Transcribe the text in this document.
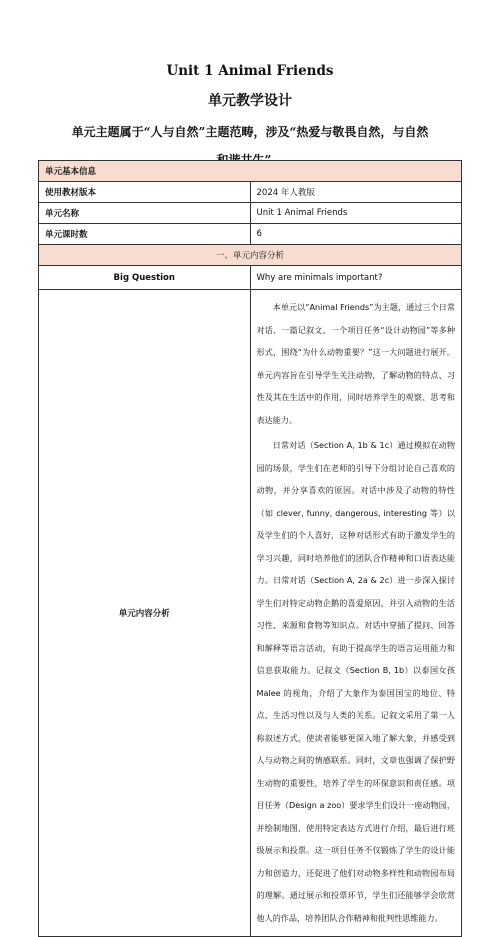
Unit 1 Animal Friends
单元教学设计
单元主题属于“人与自然”主题范畴，涉及“热爱与敬畏自然，与自然
和谐共生”。
单元基本信息	
使用教材版本	2024 年人教版
单元名称	Unit 1 Animal Friends
单元课时数	6
一、单元内容分析	
Big Question	Why are minimals important?
单元内容分析	本单元以“Animal Friends”为主题，通过三个日常对话、一篇记叙文、一个项目任务“设计动物园”等多种形式，围绕“为什么动物重要？”这一大问题进行展开。单元内容旨在引导学生关注动物，了解动物的特点、习性及其在生活中的作用，同时培养学生的观察、思考和表达能力。

日常对话（Section A, 1b & 1c）通过模拟在动物园的场景，学生们在老师的引导下分组讨论自己喜欢的动物，并分享喜欢的原因。对话中涉及了动物的特性（如 clever, funny, dangerous, interesting 等）以及学生们的个人喜好，这种对话形式有助于激发学生的学习兴趣，同时培养他们的团队合作精神和口语表达能力。日常对话（Section A, 2a & 2c）进一步深入探讨学生们对特定动物企鹅的喜爱原因，并引入动物的生活习性、来源和食物等知识点。对话中穿插了提问、回答和解释等语言活动，有助于提高学生的语言运用能力和信息获取能力。记叙文（Section B, 1b）以泰国女孩 Malee 的视角，介绍了大象作为泰国国宝的地位、特点、生活习性以及与人类的关系。记叙文采用了第一人称叙述方式，使读者能够更深入地了解大象，并感受到人与动物之间的情感联系。同时，文章也强调了保护野生动物的重要性，培养了学生的环保意识和责任感。项目任务（Design a zoo）要求学生们设计一座动物园，并绘制地图、使用特定表达方式进行介绍，最后进行班级展示和投票。这一项目任务不仅锻炼了学生的设计能力和创造力，还促进了他们对动物多样性和动物园布局的理解。通过展示和投票环节，学生们还能够学会欣赏他人的作品，培养团队合作精神和批判性思维能力。
